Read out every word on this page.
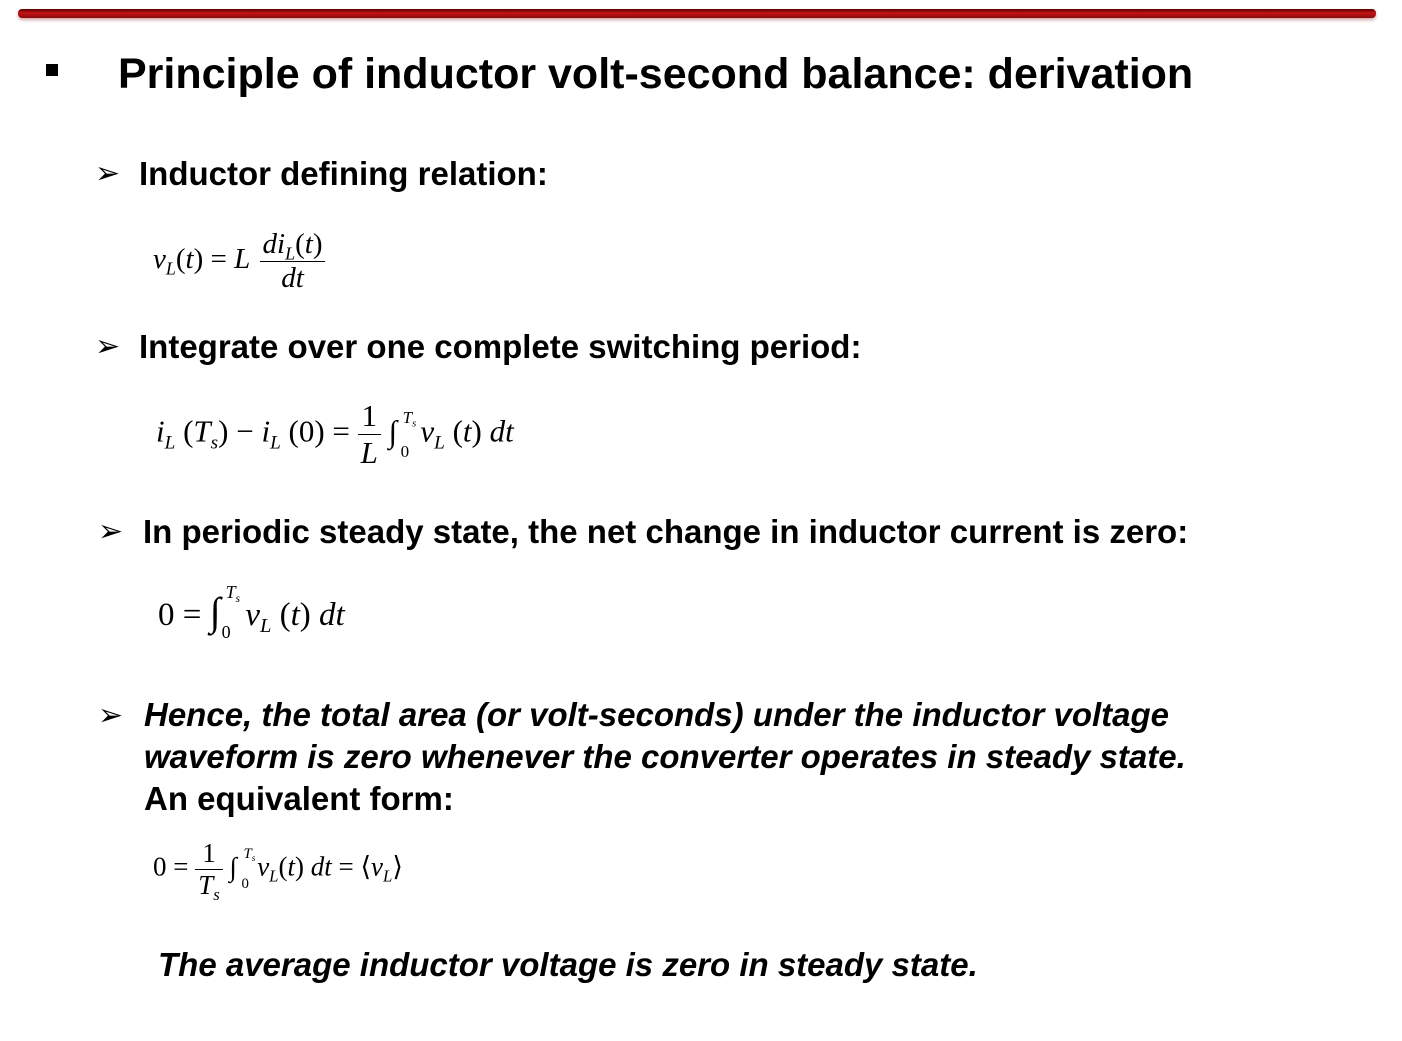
Principle of inductor volt-second balance: derivation
➢ Inductor defining relation:
$v_L(t) = L \frac{di_L(t)}{dt}$
➢ Integrate over one complete switching period:
$i_L$ $(T_s) - i_L$ $(0) = \frac{1}{L}$ ∫ $T_s$
0
$v_L$ (t) dt
➢ In periodic steady state, the net change in inductor current is zero:
0 = ∫ $T_s$
0 $v_L$ (t) dt
➢ Hence, the total area (or volt-seconds) under the inductor voltage
waveform is zero whenever the converter operates in steady state.
An equivalent form:
$0 = \frac{1}{T_s}$ ∫ $T_s$
0
$v_L(t)$ dt = $⟨v_L⟩$
The average inductor voltage is zero in steady state.
